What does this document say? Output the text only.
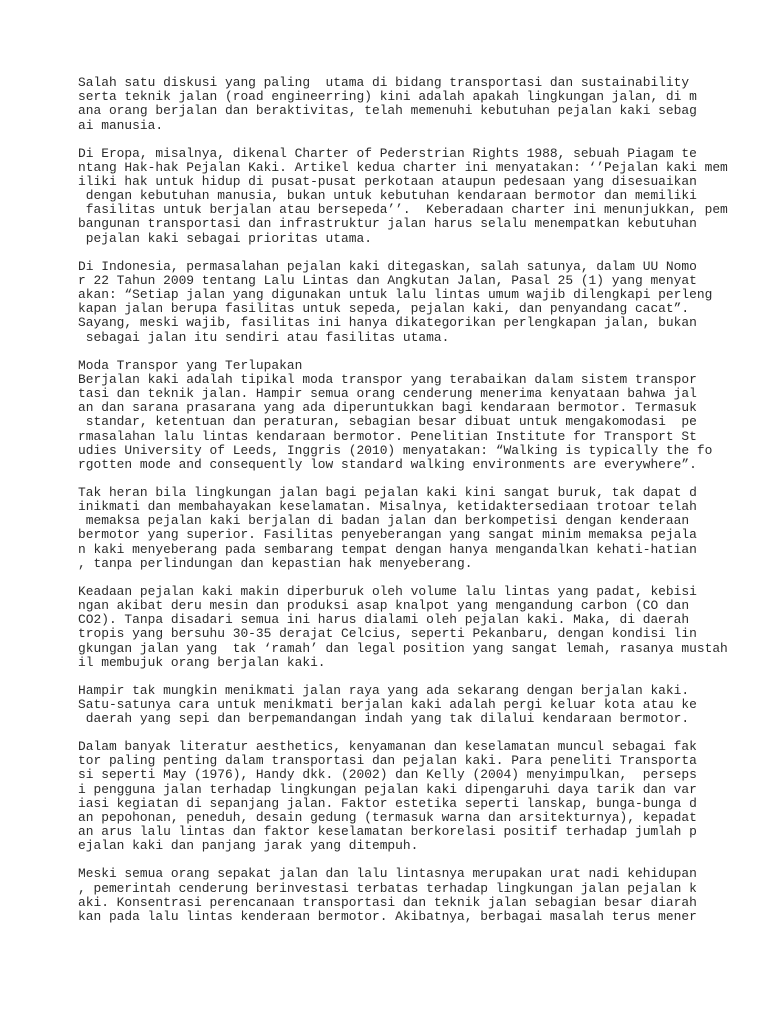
Salah satu diskusi yang paling  utama di bidang transportasi dan sustainability
serta teknik jalan (road engineerring) kini adalah apakah lingkungan jalan, di m
ana orang berjalan dan beraktivitas, telah memenuhi kebutuhan pejalan kaki sebag
ai manusia.
Di Eropa, misalnya, dikenal Charter of Pederstrian Rights 1988, sebuah Piagam te
ntang Hak-hak Pejalan Kaki. Artikel kedua charter ini menyatakan: ‘’Pejalan kaki mem
iliki hak untuk hidup di pusat-pusat perkotaan ataupun pedesaan yang disesuaikan
dengan kebutuhan manusia, bukan untuk kebutuhan kendaraan bermotor dan memiliki
fasilitas untuk berjalan atau bersepeda’’.  Keberadaan charter ini menunjukkan, pem
bangunan transportasi dan infrastruktur jalan harus selalu menempatkan kebutuhan
pejalan kaki sebagai prioritas utama.
Di Indonesia, permasalahan pejalan kaki ditegaskan, salah satunya, dalam UU Nomo
r 22 Tahun 2009 tentang Lalu Lintas dan Angkutan Jalan, Pasal 25 (1) yang menyat
akan: “Setiap jalan yang digunakan untuk lalu lintas umum wajib dilengkapi perleng
kapan jalan berupa fasilitas untuk sepeda, pejalan kaki, dan penyandang cacat”.
Sayang, meski wajib, fasilitas ini hanya dikategorikan perlengkapan jalan, bukan
sebagai jalan itu sendiri atau fasilitas utama.
Moda Transpor yang Terlupakan
Berjalan kaki adalah tipikal moda transpor yang terabaikan dalam sistem transpor
tasi dan teknik jalan. Hampir semua orang cenderung menerima kenyataan bahwa jal
an dan sarana prasarana yang ada diperuntukkan bagi kendaraan bermotor. Termasuk
standar, ketentuan dan peraturan, sebagian besar dibuat untuk mengakomodasi  pe
rmasalahan lalu lintas kendaraan bermotor. Penelitian Institute for Transport St
udies University of Leeds, Inggris (2010) menyatakan: “Walking is typically the fo
rgotten mode and consequently low standard walking environments are everywhere”.
Tak heran bila lingkungan jalan bagi pejalan kaki kini sangat buruk, tak dapat d
inikmati dan membahayakan keselamatan. Misalnya, ketidaktersediaan trotoar telah
memaksa pejalan kaki berjalan di badan jalan dan berkompetisi dengan kenderaan
bermotor yang superior. Fasilitas penyeberangan yang sangat minim memaksa pejala
n kaki menyeberang pada sembarang tempat dengan hanya mengandalkan kehati-hatian
, tanpa perlindungan dan kepastian hak menyeberang.
Keadaan pejalan kaki makin diperburuk oleh volume lalu lintas yang padat, kebisi
ngan akibat deru mesin dan produksi asap knalpot yang mengandung carbon (CO dan
CO2). Tanpa disadari semua ini harus dialami oleh pejalan kaki. Maka, di daerah
tropis yang bersuhu 30-35 derajat Celcius, seperti Pekanbaru, dengan kondisi lin
gkungan jalan yang  tak ‘ramah’ dan legal position yang sangat lemah, rasanya mustah
il membujuk orang berjalan kaki.
Hampir tak mungkin menikmati jalan raya yang ada sekarang dengan berjalan kaki.
Satu-satunya cara untuk menikmati berjalan kaki adalah pergi keluar kota atau ke
daerah yang sepi dan berpemandangan indah yang tak dilalui kendaraan bermotor.
Dalam banyak literatur aesthetics, kenyamanan dan keselamatan muncul sebagai fak
tor paling penting dalam transportasi dan pejalan kaki. Para peneliti Transporta
si seperti May (1976), Handy dkk. (2002) dan Kelly (2004) menyimpulkan,  perseps
i pengguna jalan terhadap lingkungan pejalan kaki dipengaruhi daya tarik dan var
iasi kegiatan di sepanjang jalan. Faktor estetika seperti lanskap, bunga-bunga d
an pepohonan, peneduh, desain gedung (termasuk warna dan arsitekturnya), kepadat
an arus lalu lintas dan faktor keselamatan berkorelasi positif terhadap jumlah p
ejalan kaki dan panjang jarak yang ditempuh.
Meski semua orang sepakat jalan dan lalu lintasnya merupakan urat nadi kehidupan
, pemerintah cenderung berinvestasi terbatas terhadap lingkungan jalan pejalan k
aki. Konsentrasi perencanaan transportasi dan teknik jalan sebagian besar diarah
kan pada lalu lintas kenderaan bermotor. Akibatnya, berbagai masalah terus mener
